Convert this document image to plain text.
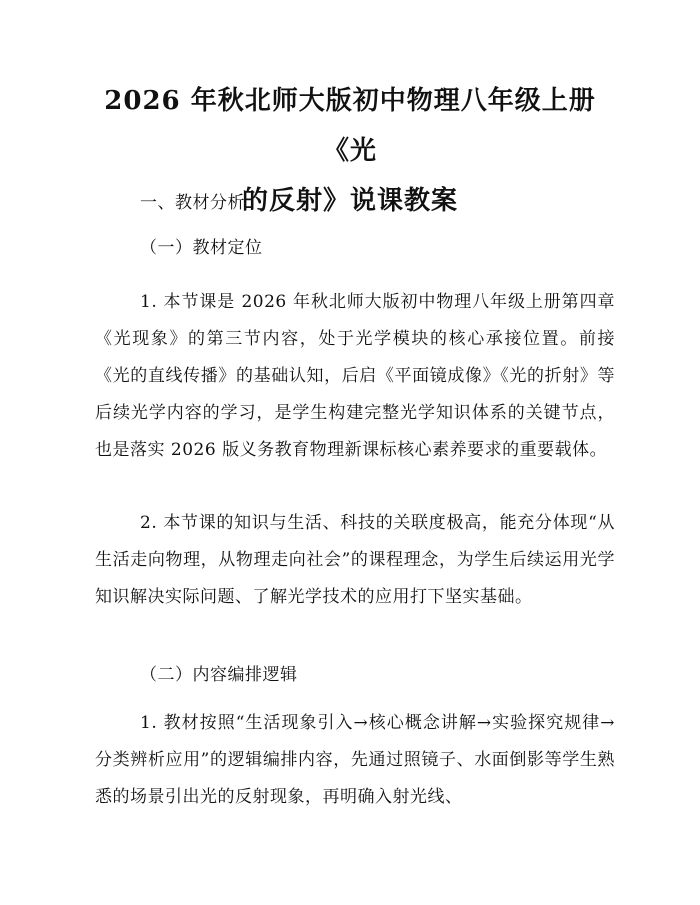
2026 年秋北师大版初中物理八年级上册《光
的反射》说课教案
一、教材分析
（一）教材定位
1. 本节课是 2026 年秋北师大版初中物理八年级上册第四章《光现象》的第三节内容，处于光学模块的核心承接位置。前接《光的直线传播》的基础认知，后启《平面镜成像》《光的折射》等后续光学内容的学习，是学生构建完整光学知识体系的关键节点，也是落实 2026 版义务教育物理新课标核心素养要求的重要载体。
2. 本节课的知识与生活、科技的关联度极高，能充分体现“从生活走向物理，从物理走向社会”的课程理念，为学生后续运用光学知识解决实际问题、了解光学技术的应用打下坚实基础。
（二）内容编排逻辑
1. 教材按照“生活现象引入→核心概念讲解→实验探究规律→分类辨析应用”的逻辑编排内容，先通过照镜子、水面倒影等学生熟悉的场景引出光的反射现象，再明确入射光线、
